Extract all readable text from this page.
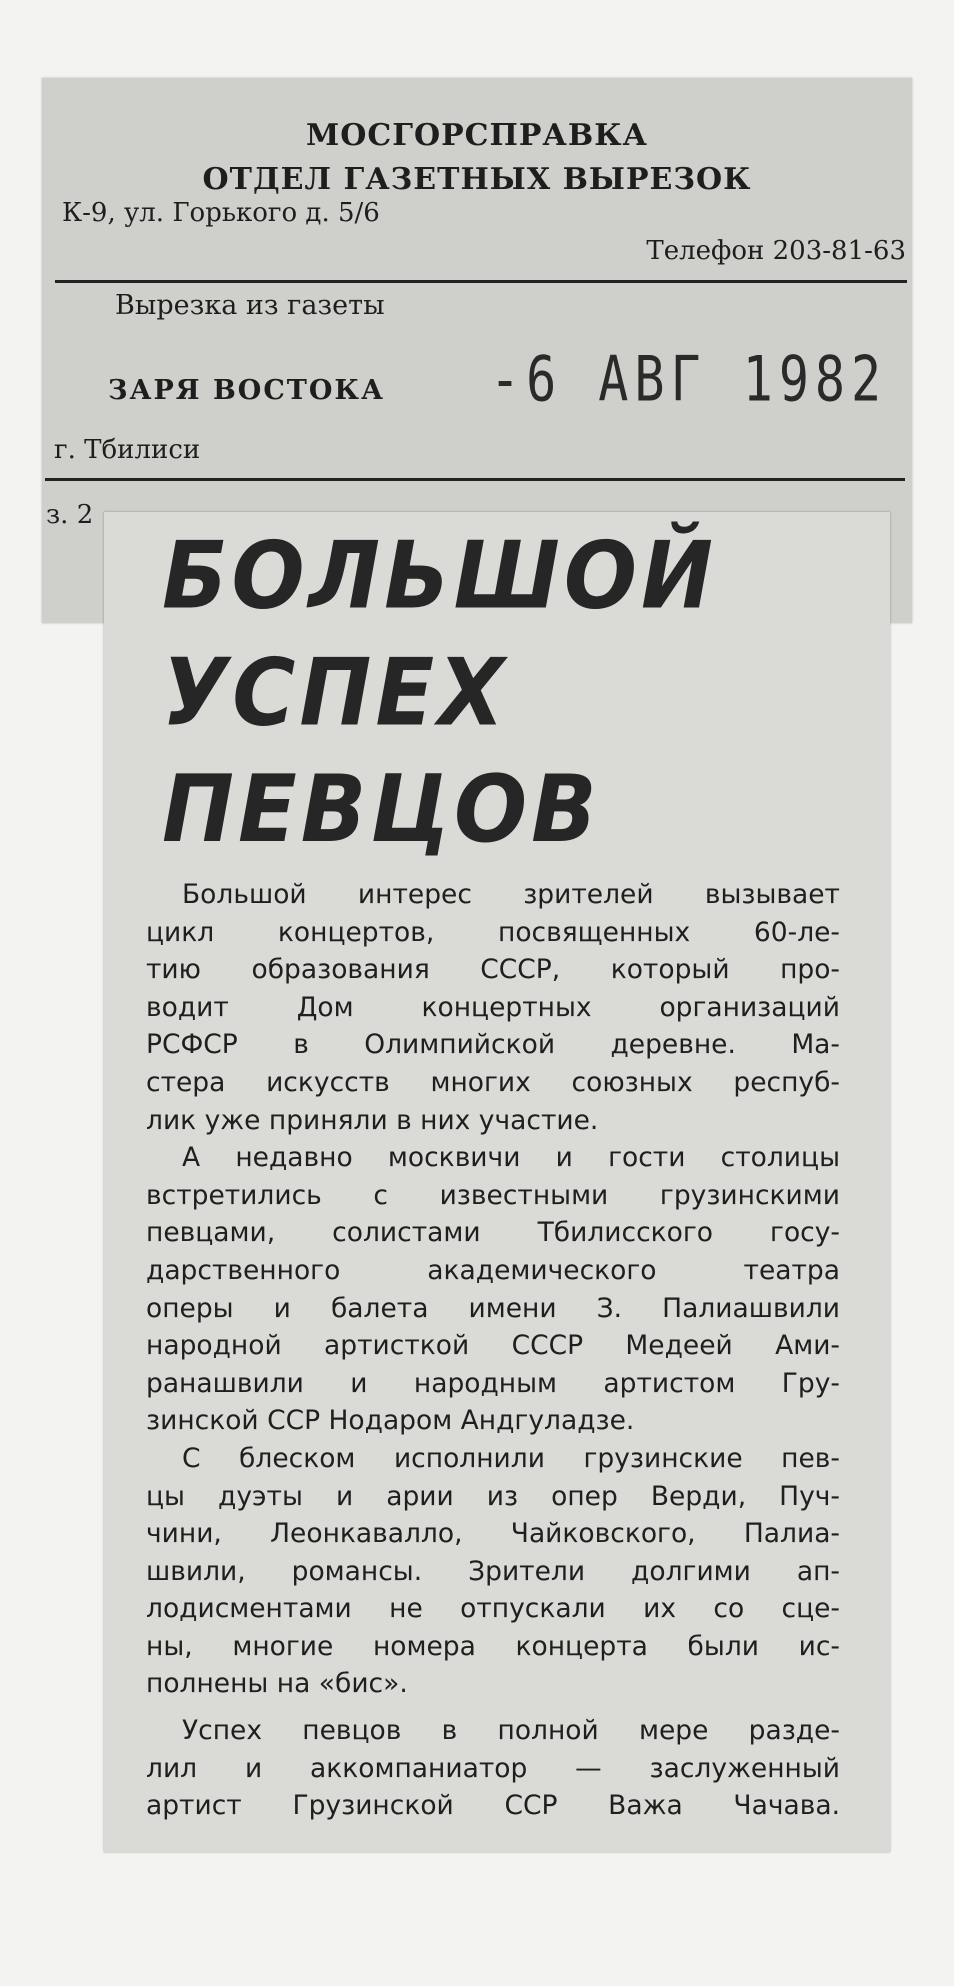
МОСГОРСПРАВКА
ОТДЕЛ ГАЗЕТНЫХ ВЫРЕЗОК
К-9, ул. Горького д. 5/6
Телефон 203-81-63
Вырезка из газеты
ЗАРЯ ВОСТОКА -6 АВГ 1982
г. Тбилиси
з. 2
БОЛЬШОЙ
УСПЕХ
ПЕВЦОВ
Большой интерес зрителей вызывает
цикл концертов, посвященных 60-ле-
тию образования СССР, который про-
водит Дом концертных организаций
РСФСР в Олимпийской деревне. Ма-
стера искусств многих союзных респуб-
лик уже приняли в них участие.
А недавно москвичи и гости столицы
встретились с известными грузинскими
певцами, солистами Тбилисского госу-
дарственного академического театра
оперы и балета имени З. Палиашвили
народной артисткой СССР Медеей Ами-
ранашвили и народным артистом Гру-
зинской ССР Нодаром Андгуладзе.
С блеском исполнили грузинские пев-
цы дуэты и арии из опер Верди, Пуч-
чини, Леонкавалло, Чайковского, Палиа-
швили, романсы. Зрители долгими ап-
лодисментами не отпускали их со сце-
ны, многие номера концерта были ис-
полнены на «бис».
Успех певцов в полной мере разде-
лил и аккомпаниатор — заслуженный
артист Грузинской ССР Важа Чачава.
